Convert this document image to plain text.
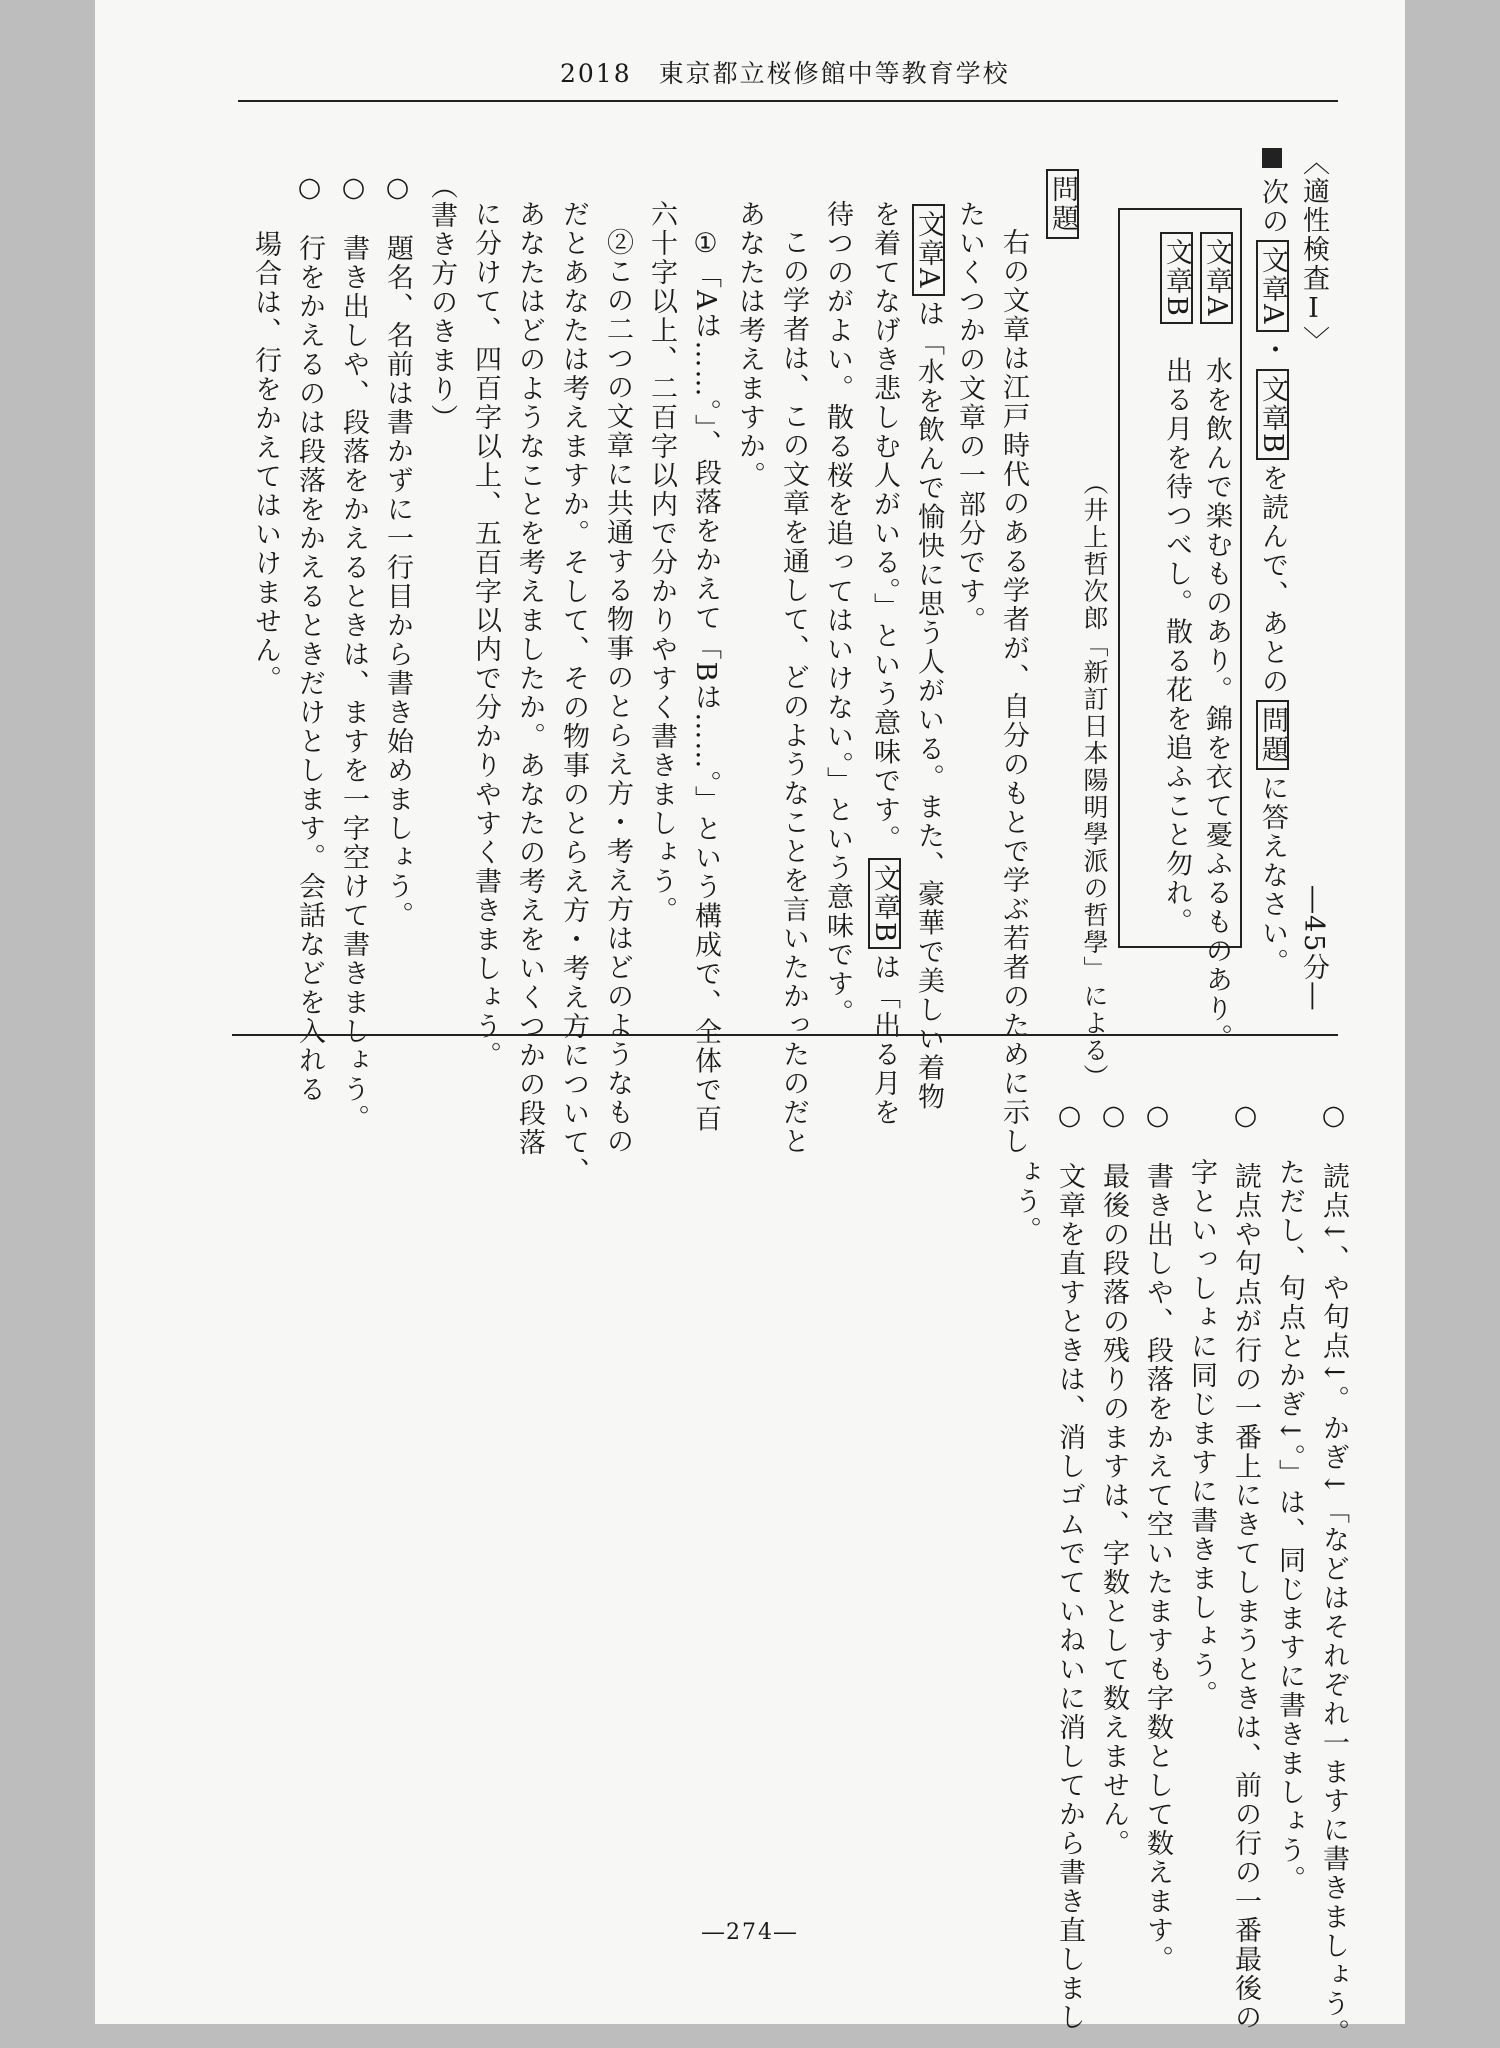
2018　東京都立桜修館中等教育学校
〈適性検査Ⅰ〉
―45分―
次の文章A・文章Bを読んで、あとの問題に答えなさい。
文章A　水を飲んで楽むものあり。錦を衣て憂ふるものあり。
文章B　出る月を待つべし。散る花を追ふこと勿れ。
（井上哲次郎「新訂日本陽明學派の哲學」による）
問題
右の文章は江戸時代のある学者が、自分のもとで学ぶ若者のために示し
たいくつかの文章の一部分です。
文章Aは「水を飲んで愉快に思う人がいる。また、豪華で美しい着物
を着てなげき悲しむ人がいる。」という意味です。文章Bは「出る月を
待つのがよい。散る桜を追ってはいけない。」という意味です。
この学者は、この文章を通して、どのようなことを言いたかったのだと
あなたは考えますか。
①「Aは……。」、段落をかえて「Bは……。」という構成で、全体で百
六十字以上、二百字以内で分かりやすく書きましょう。
②この二つの文章に共通する物事のとらえ方・考え方はどのようなもの
だとあなたは考えますか。そして、その物事のとらえ方・考え方について、
あなたはどのようなことを考えましたか。あなたの考えをいくつかの段落
に分けて、四百字以上、五百字以内で分かりやすく書きましょう。
（書き方のきまり）
○　題名、名前は書かずに一行目から書き始めましょう。
○　書き出しや、段落をかえるときは、ますを一字空けて書きましょう。
○　行をかえるのは段落をかえるときだけとします。会話などを入れる
　　場合は、行をかえてはいけません。
○　読点↓、や句点↓。かぎ↓「などはそれぞれ一ますに書きましょう。
　　ただし、句点とかぎ↓。」は、同じますに書きましょう。
○　読点や句点が行の一番上にきてしまうときは、前の行の一番最後の
　　字といっしょに同じますに書きましょう。
○　書き出しや、段落をかえて空いたますも字数として数えます。
○　最後の段落の残りのますは、字数として数えません。
○　文章を直すときは、消しゴムでていねいに消してから書き直しまし
　　ょう。
―274―
